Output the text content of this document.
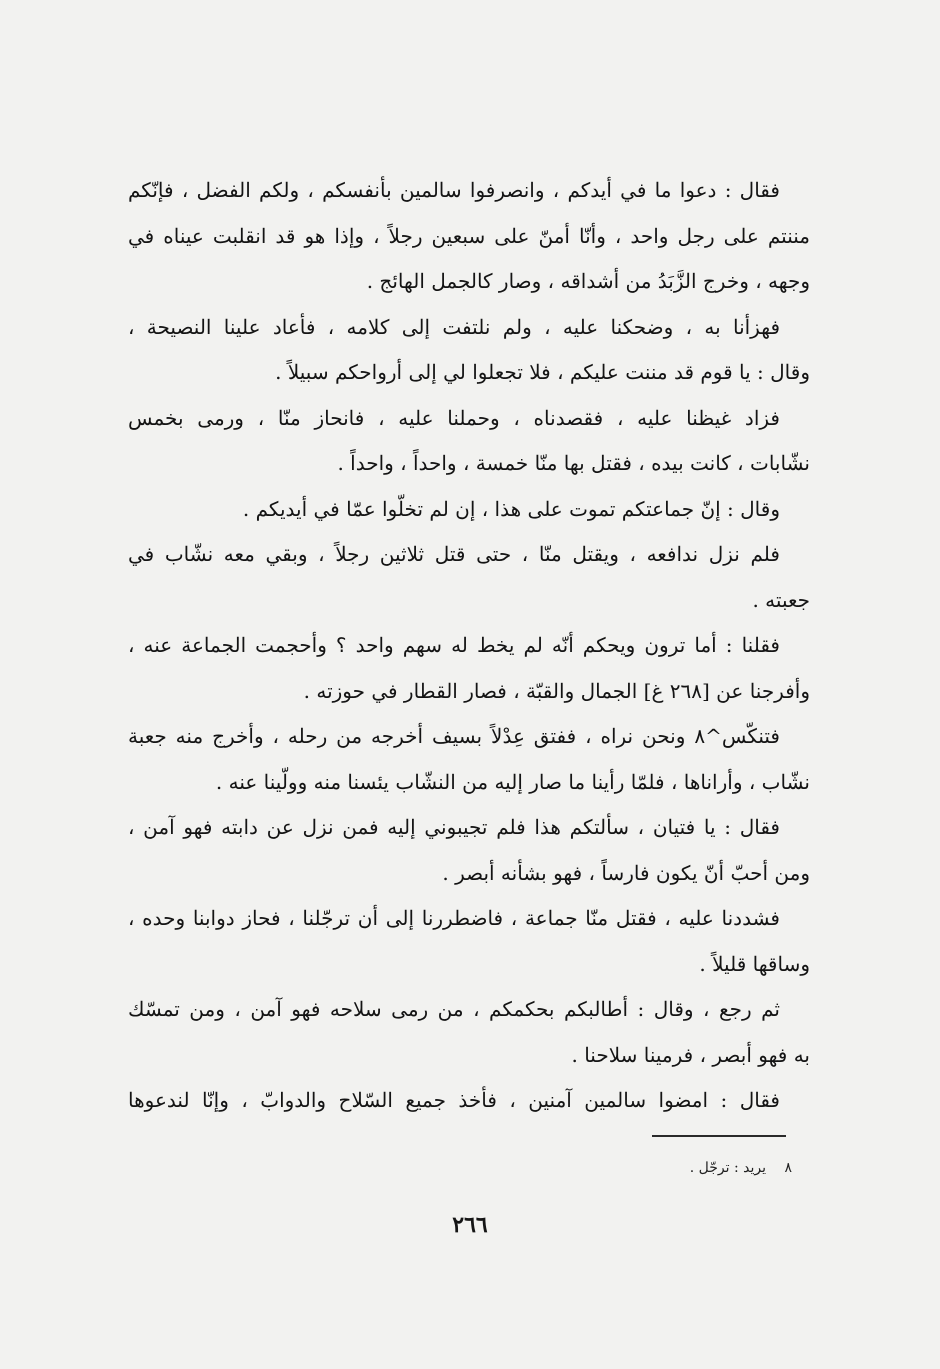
فقال : دعوا ما في أيدكم ، وانصرفوا سالمين بأنفسكم ، ولكم الفضل ، فإنّكم
مننتم على رجل واحد ، وأنّا أمنّ على سبعين رجلاً ، وإذا هو قد انقلبت عيناه في
وجهه ، وخرج الزَّبَدُ من أشداقه ، وصار كالجمل الهائج .
فهزأنا به ، وضحكنا عليه ، ولم نلتفت إلى كلامه ، فأعاد علينا النصيحة ،
وقال : يا قوم قد مننت عليكم ، فلا تجعلوا لي إلى أرواحكم سبيلاً .
فزاد غيظنا عليه ، فقصدناه ، وحملنا عليه ، فانحاز منّا ، ورمى بخمس
نشّابات ، كانت بيده ، فقتل بها منّا خمسة ، واحداً ، واحداً .
وقال : إنّ جماعتكم تموت على هذا ، إن لم تخلّوا عمّا في أيديكم .
فلم نزل ندافعه ، ويقتل منّا ، حتى قتل ثلاثين رجلاً ، وبقي معه نشّاب في
جعبته .
فقلنا : أما ترون ويحكم أنّه لم يخط له سهم واحد ؟ وأحجمت الجماعة عنه ،
وأفرجنا عن [٢٦٨ غ] الجمال والقبّة ، فصار القطار في حوزته .
فتنكّس^٨ ونحن نراه ، ففتق عِدْلاً بسيف أخرجه من رحله ، وأخرج منه جعبة
نشّاب ، وأراناها ، فلمّا رأينا ما صار إليه من النشّاب يئسنا منه وولّينا عنه .
فقال : يا فتيان ، سألتكم هذا فلم تجيبوني إليه فمن نزل عن دابته فهو آمن ،
ومن أحبّ أنّ يكون فارساً ، فهو بشأنه أبصر .
فشددنا عليه ، فقتل منّا جماعة ، فاضطررنا إلى أن ترجّلنا ، فحاز دوابنا وحده ،
وساقها قليلاً .
ثم رجع ، وقال : أطالبكم بحكمكم ، من رمى سلاحه فهو آمن ، ومن تمسّك
به فهو أبصر ، فرمينا سلاحنا .
فقال : امضوا سالمين آمنين ، فأخذ جميع السّلاح والدوابّ ، وإنّا لندعوها
٨ يريد : ترجّل .
٢٦٦
